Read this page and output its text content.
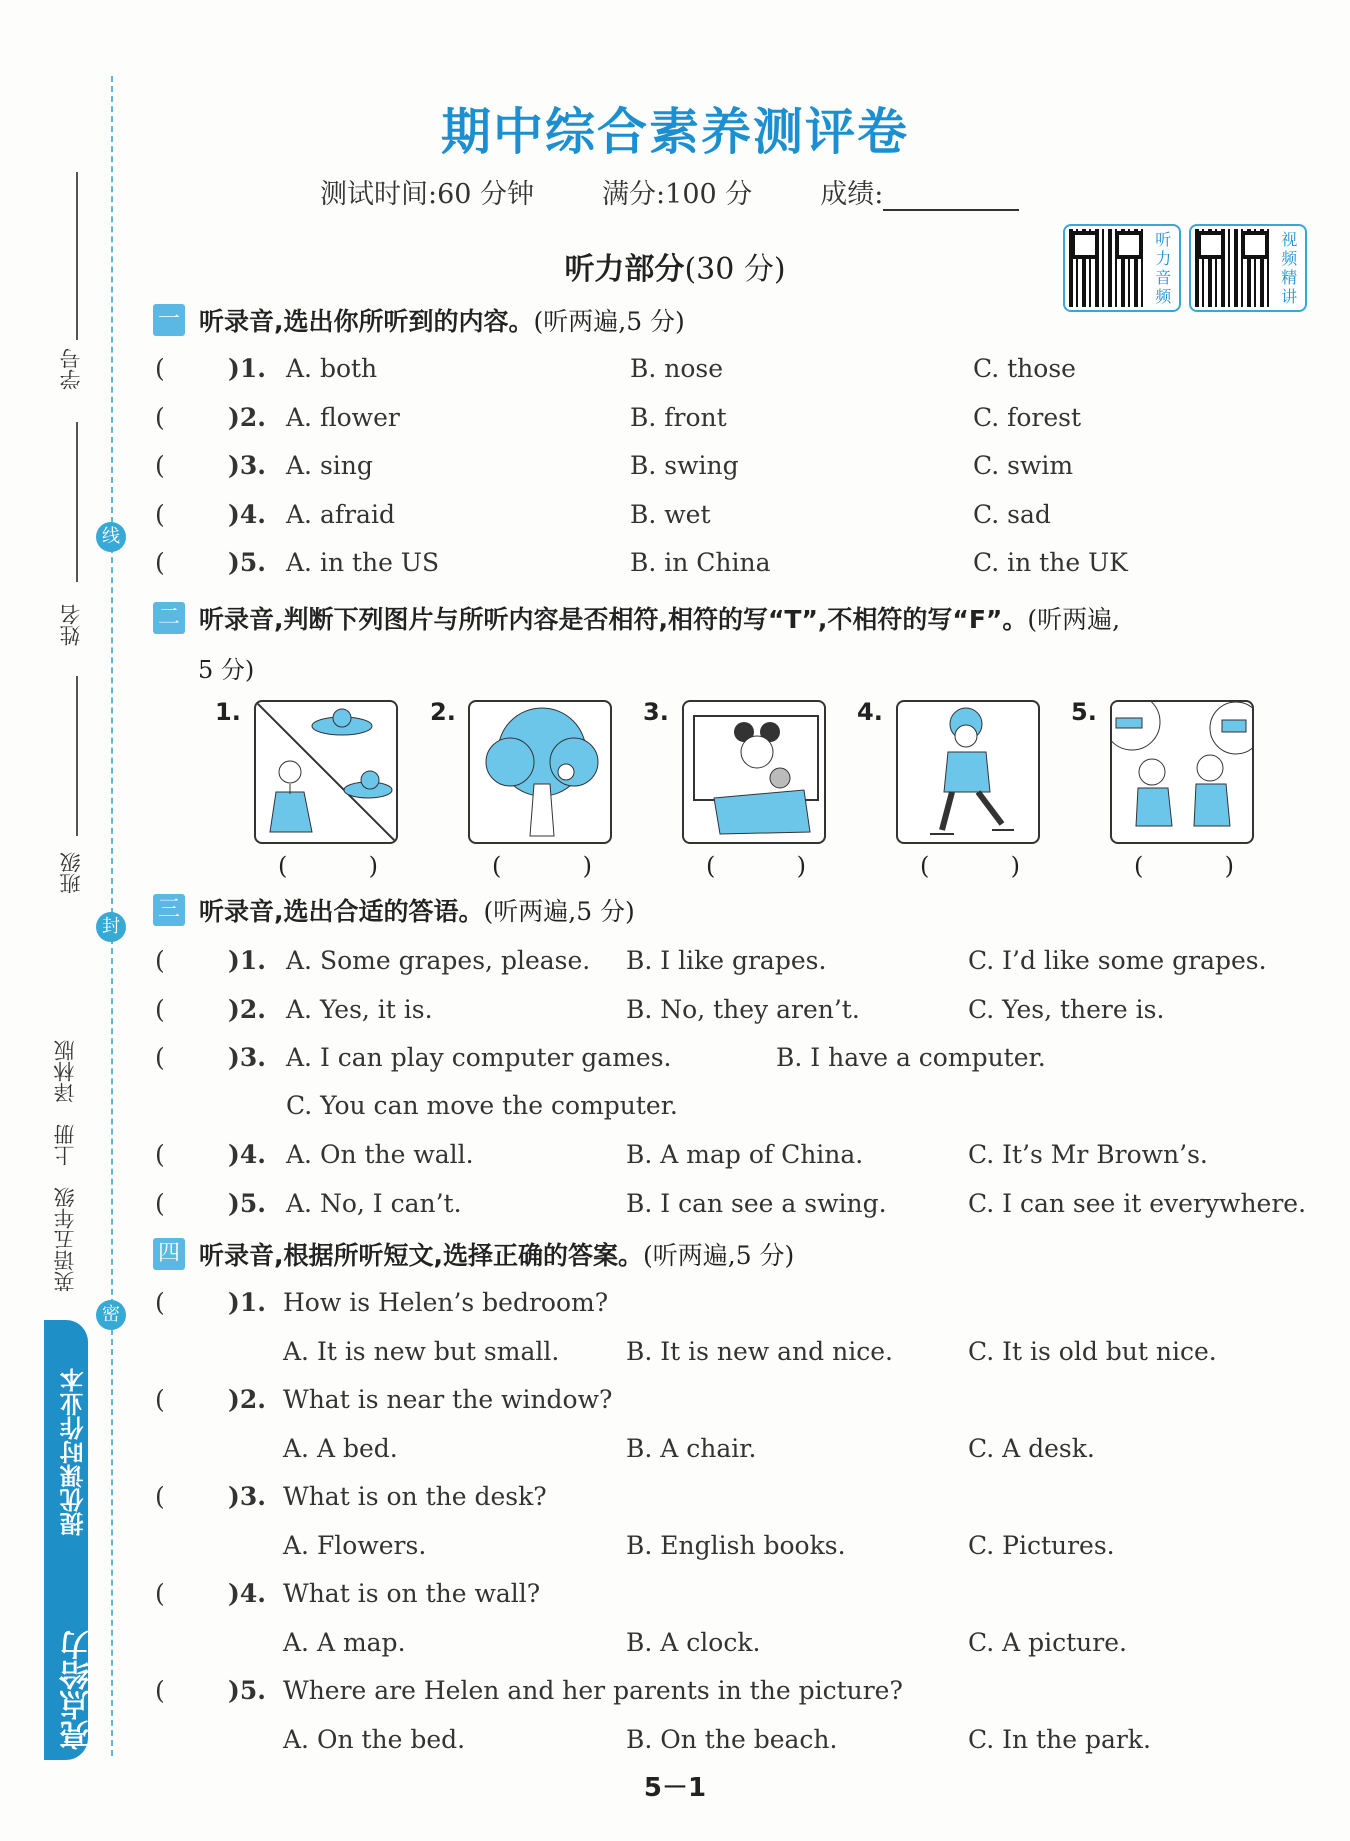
线
封
密
学号
姓名
班级
英语五年级　上册　译林版
提优课时作业本
亮点给力
期中综合素养测评卷
测试时间:60 分钟	满分:100 分	成绩:
听力部分(30 分)
听力音频
视频精讲
一 听录音,选出你所听到的内容。 (听两遍,5 分)
(	)1. A. both	B. nose	C. those
(	)2. A. flower	B. front	C. forest
(	)3. A. sing	B. swing	C. swim
(	)4. A. afraid	B. wet	C. sad
(	)5. A. in the US	B. in China	C. in the UK
二 听录音,判断下列图片与所听内容是否相符,相符的写“T”,不相符的写“F”。 (听两遍,
5 分)
1.	2.	3.	4.	5.
(	)	(	)	(	)	(	)	(	)
三 听录音,选出合适的答语。 (听两遍,5 分)
(	)1. A. Some grapes, please. B. I like grapes.	C. I’d like some grapes.
(	)2. A. Yes, it is.	B. No, they aren’t.	C. Yes, there is.
(	)3. A. I can play computer games.	B. I have a computer.
C. You can move the computer.
(	)4. A. On the wall.	B. A map of China.	C. It’s Mr Brown’s.
(	)5. A. No, I can’t.	B. I can see a swing.	C. I can see it everywhere.
四 听录音,根据所听短文,选择正确的答案。 (听两遍,5 分)
(	)1. How is Helen’s bedroom?
A. It is new but small.	B. It is new and nice.	C. It is old but nice.
(	)2. What is near the window?
A. A bed.	B. A chair.	C. A desk.
(	)3. What is on the desk?
A. Flowers.	B. English books.	C. Pictures.
(	)4. What is on the wall?
A. A map.	B. A clock.	C. A picture.
(	)5. Where are Helen and her parents in the picture?
A. On the bed.	B. On the beach.	C. In the park.
5－1
